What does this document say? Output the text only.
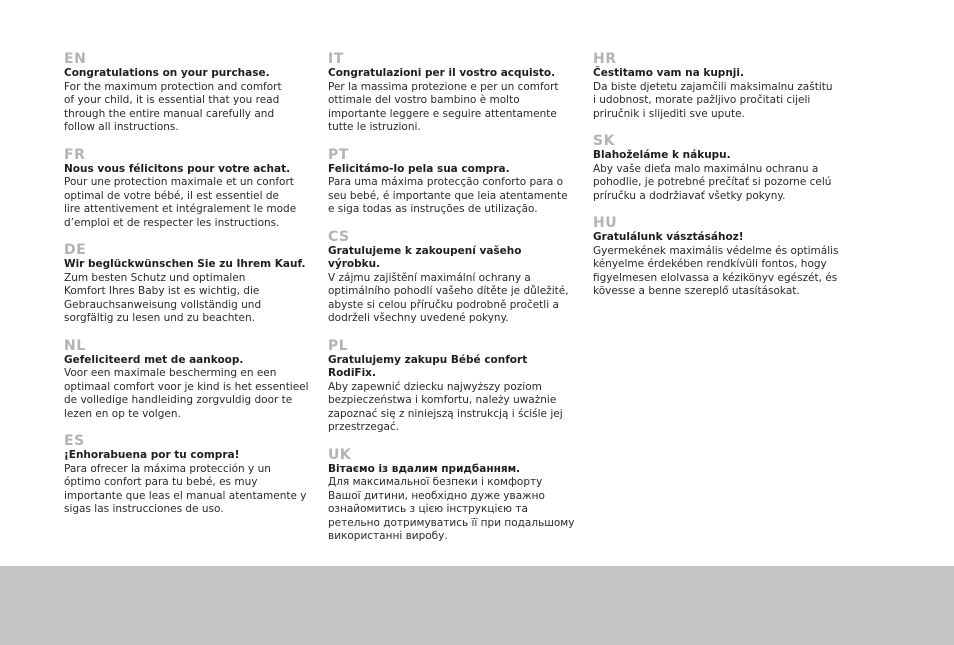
EN
Congratulations on your purchase.
For the maximum protection and comfort
of your child, it is essential that you read
through the entire manual carefully and
follow all instructions.
FR
Nous vous félicitons pour votre achat.
Pour une protection maximale et un confort
optimal de votre bébé, il est essentiel de
lire attentivement et intégralement le mode
d’emploi et de respecter les instructions.
DE
Wir beglückwünschen Sie zu Ihrem Kauf.
Zum besten Schutz und optimalen
Komfort Ihres Baby ist es wichtig, die
Gebrauchsanweisung vollständig und
sorgfältig zu lesen und zu beachten.
NL
Gefeliciteerd met de aankoop.
Voor een maximale bescherming en een
optimaal comfort voor je kind is het essentieel
de volledige handleiding zorgvuldig door te
lezen en op te volgen.
ES
¡Enhorabuena por tu compra!
Para ofrecer la máxima protección y un
óptimo confort para tu bebé, es muy
importante que leas el manual atentamente y
sigas las instrucciones de uso.
IT
Congratulazioni per il vostro acquisto.
Per la massima protezione e per un comfort
ottimale del vostro bambino è molto
importante leggere e seguire attentamente
tutte le istruzioni.
PT
Felicitámo-lo pela sua compra.
Para uma máxima protecção conforto para o
seu bebé, é importante que leia atentamente
e siga todas as instruções de utilização.
CS
Gratulujeme k zakoupení vašeho
výrobku.
V zájmu zajištění maximální ochrany a
optimálního pohodlí vašeho dítěte je důležité,
abyste si celou příručku podrobně pročetli a
dodrželi všechny uvedené pokyny.
PL
Gratulujemy zakupu Bébé confort
RodiFix.
Aby zapewnić dziecku najwyższy poziom
bezpieczeństwa i komfortu, należy uważnie
zapoznać się z niniejszą instrukcją i ściśle jej
przestrzegać.
UK
Вітаємо із вдалим придбанням.
Для максимальної безпеки і комфорту
Вашої дитини, необхідно дуже уважно
ознайомитись з цією інструкцією та
ретельно дотримуватись її при подальшому
використанні виробу.
HR
Čestitamo vam na kupnji.
Da biste djetetu zajamčili maksimalnu zaštitu
i udobnost, morate pažljivo pročitati cijeli
priručnik i slijediti sve upute.
SK
Blahoželáme k nákupu.
Aby vaše dieťa malo maximálnu ochranu a
pohodlie, je potrebné prečítať si pozorne celú
príručku a dodržiavať všetky pokyny.
HU
Gratulálunk vásztásához!
Gyermekének maximális védelme és optimális
kényelme érdekében rendkívüli fontos, hogy
figyelmesen elolvassa a kézikönyv egészét, és
kövesse a benne szereplő utasításokat.
